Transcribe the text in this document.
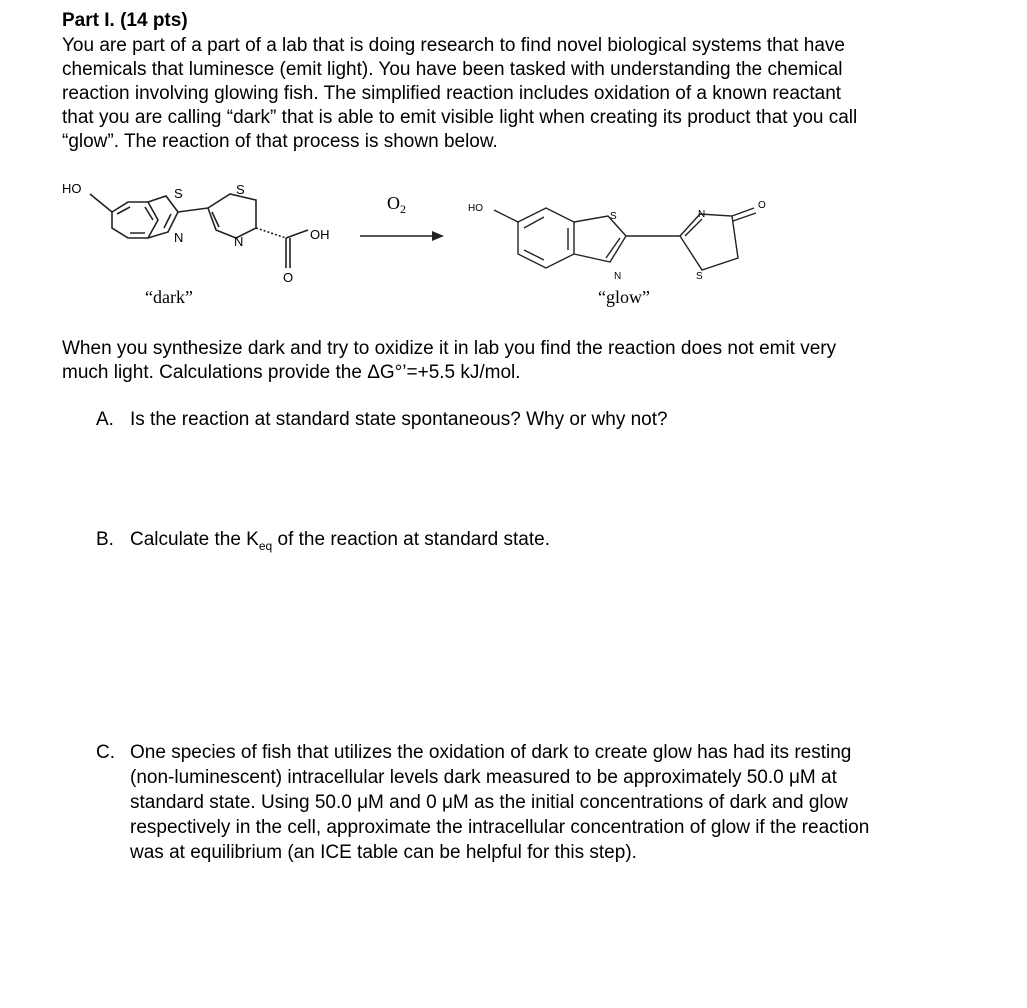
Part I. (14 pts)
You are part of a part of a lab that is doing research to find novel biological systems that have
chemicals that luminesce (emit light). You have been tasked with understanding the chemical
reaction involving glowing fish. The simplified reaction includes oxidation of a known reactant
that you are calling “dark” that is able to emit visible light when creating its product that you call
“glow”. The reaction of that process is shown below.
HO	S
N
S
N	OH
O
$O_2$	HO
S
N
N
S
O
“dark”	“glow”
When you synthesize dark and try to oxidize it in lab you find the reaction does not emit very
much light. Calculations provide the ΔG°’=+5.5 kJ/mol.
A. Is the reaction at standard state spontaneous? Why or why not?
B. Calculate the $K_{eq}$ of the reaction at standard state.
C. One species of fish that utilizes the oxidation of dark to create glow has had its resting
(non-luminescent) intracellular levels dark measured to be approximately 50.0 μM at
standard state. Using 50.0 μM and 0 μM as the initial concentrations of dark and glow
respectively in the cell, approximate the intracellular concentration of glow if the reaction
was at equilibrium (an ICE table can be helpful for this step).
